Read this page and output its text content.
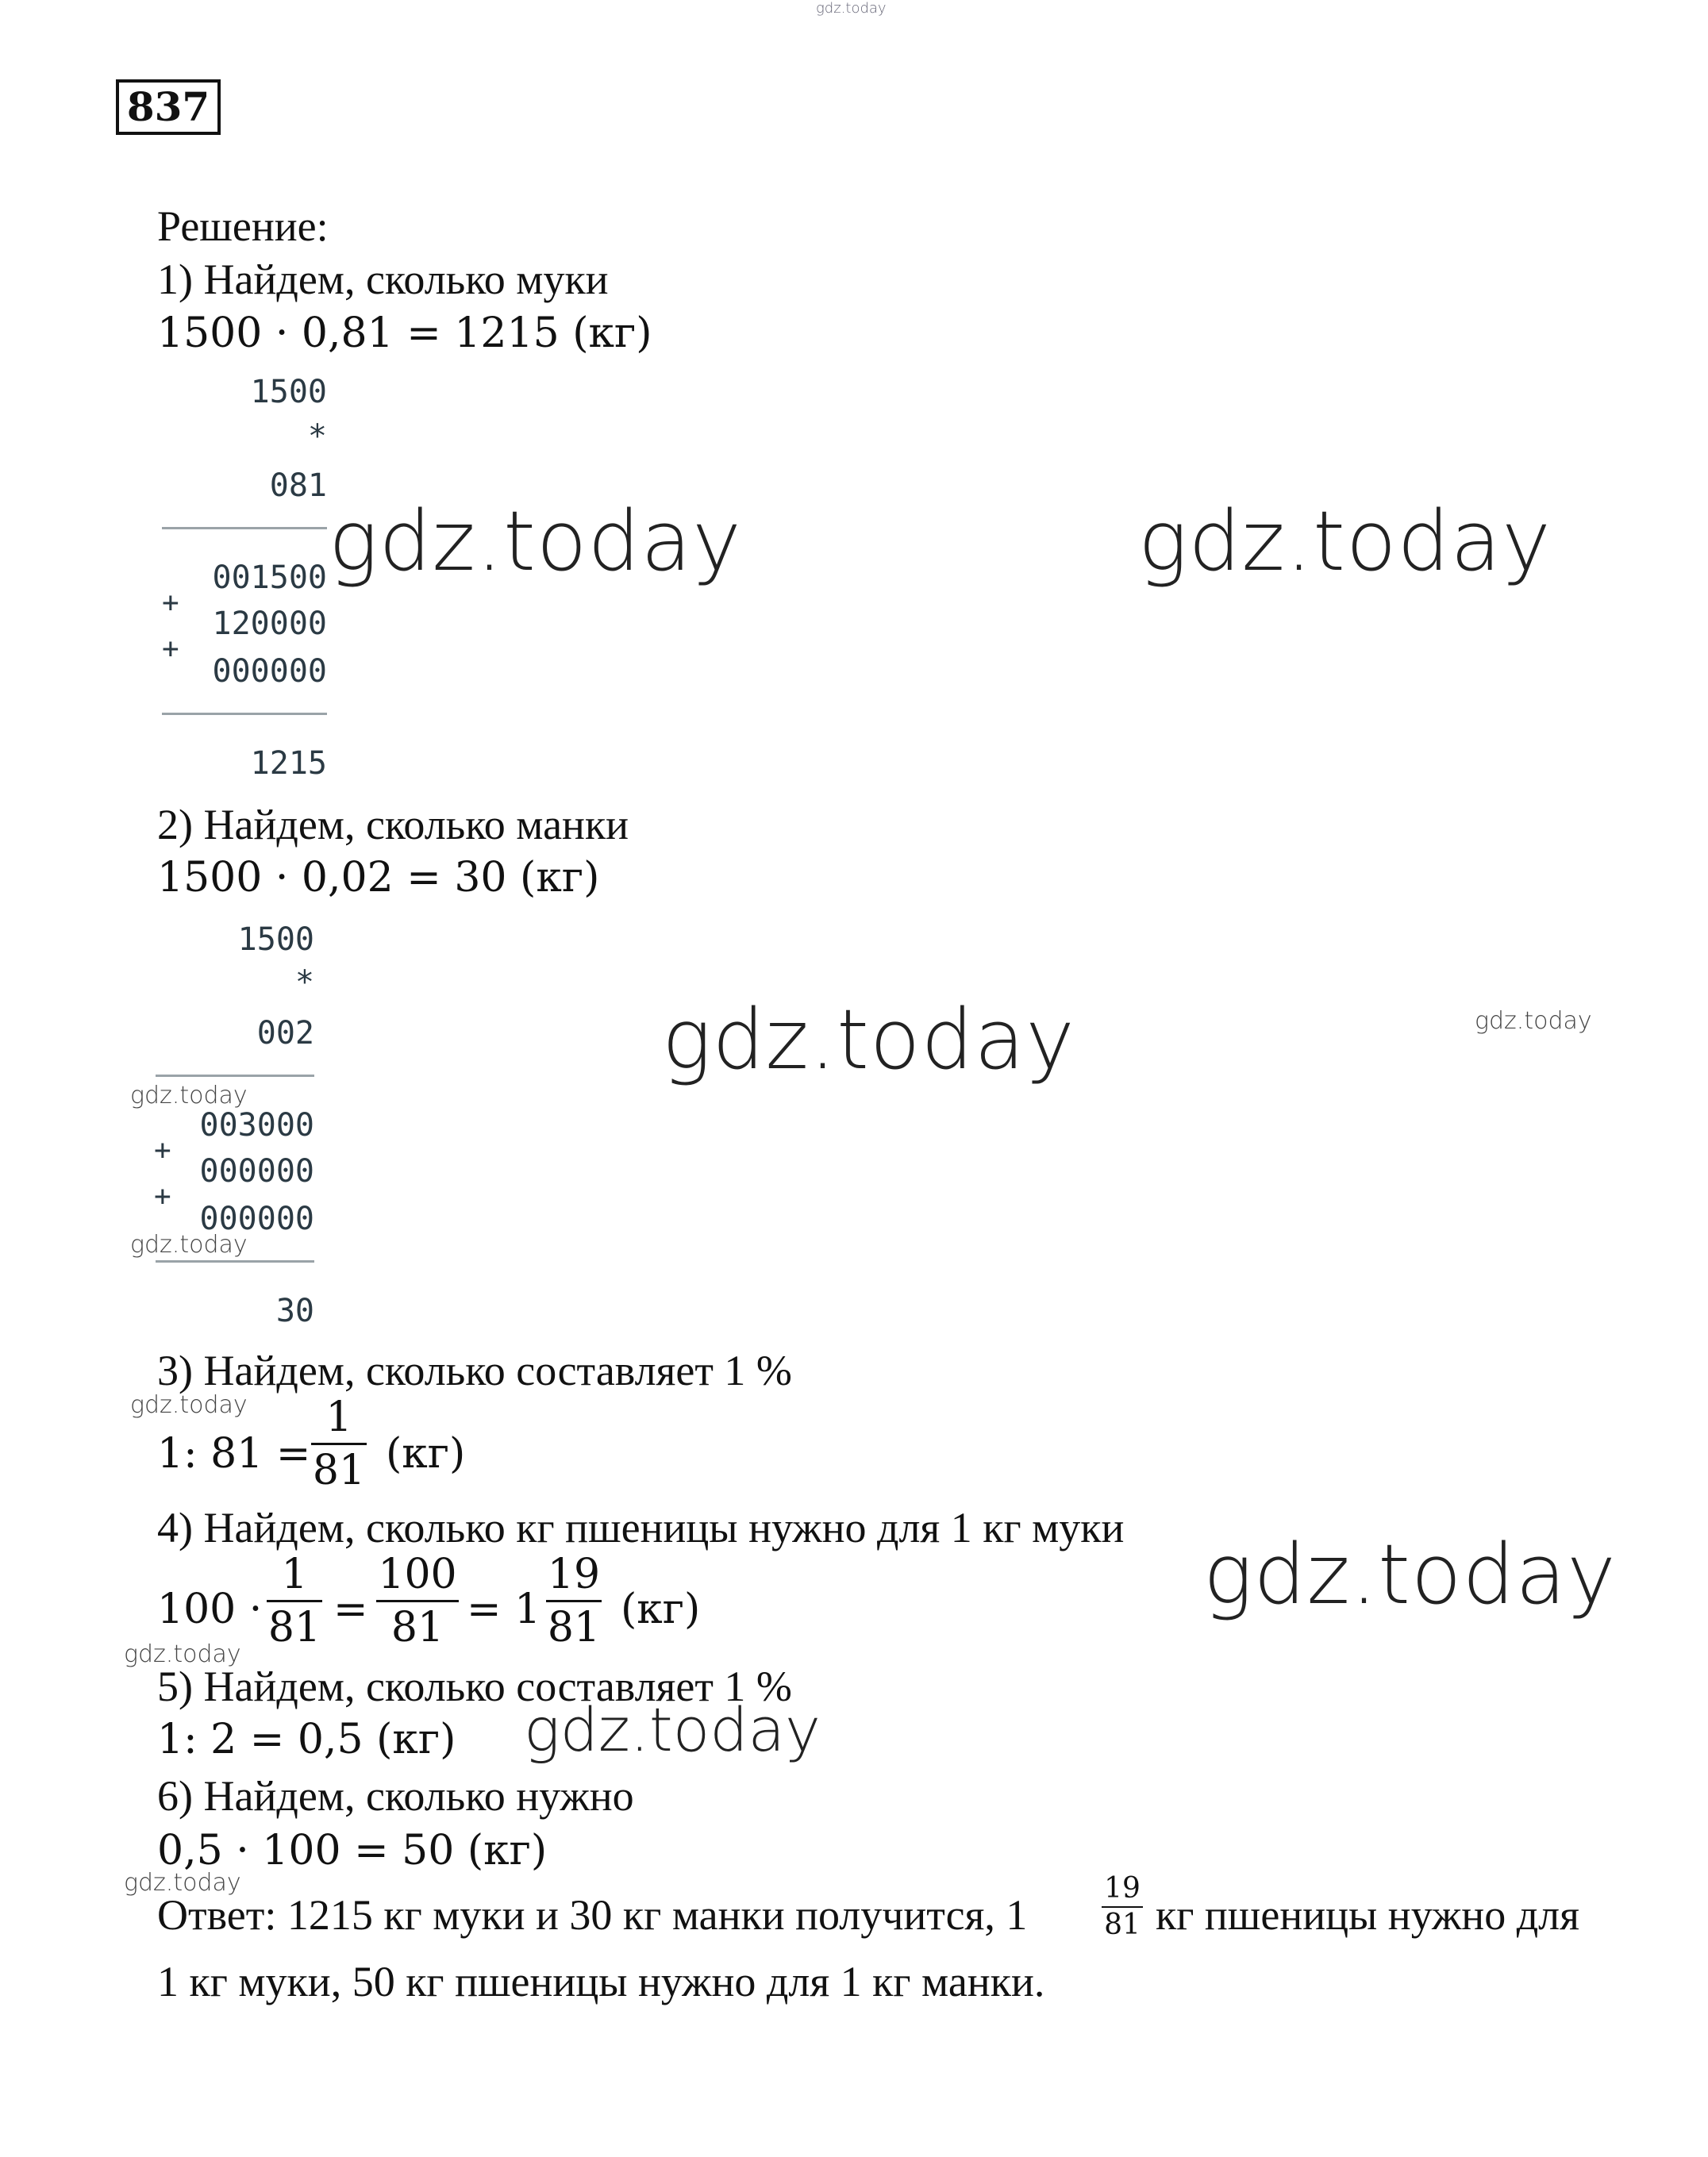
gdz.today
837
Решение:
1) Найдем, сколько муки
1500 · 0,81 = 1215 (кг)
1500
*
081
001500
+
120000
+
000000
1215
gdz.today	gdz.today
2) Найдем, сколько манки
1500 · 0,02 = 30 (кг)
1500
*
002
003000
+
000000
+
000000
30
gdz.today	gdz.today
gdz.today
gdz.today
3) Найдем, сколько составляет 1 %
gdz.today
1: 81 =
1
81 (кг)
4) Найдем, сколько кг пшеницы нужно для 1 кг муки
100 ·
1
81 =
100
81 = 1
19
81 (кг)	gdz.today
gdz.today
5) Найдем, сколько составляет 1 %
1: 2 = 0,5 (кг) gdz.today
6) Найдем, сколько нужно
0,5 · 100 = 50 (кг)
gdz.today
Ответ: 1215 кг муки и 30 кг манки получится, 1
19
81 кг пшеницы нужно для
1 кг муки, 50 кг пшеницы нужно для 1 кг манки.
